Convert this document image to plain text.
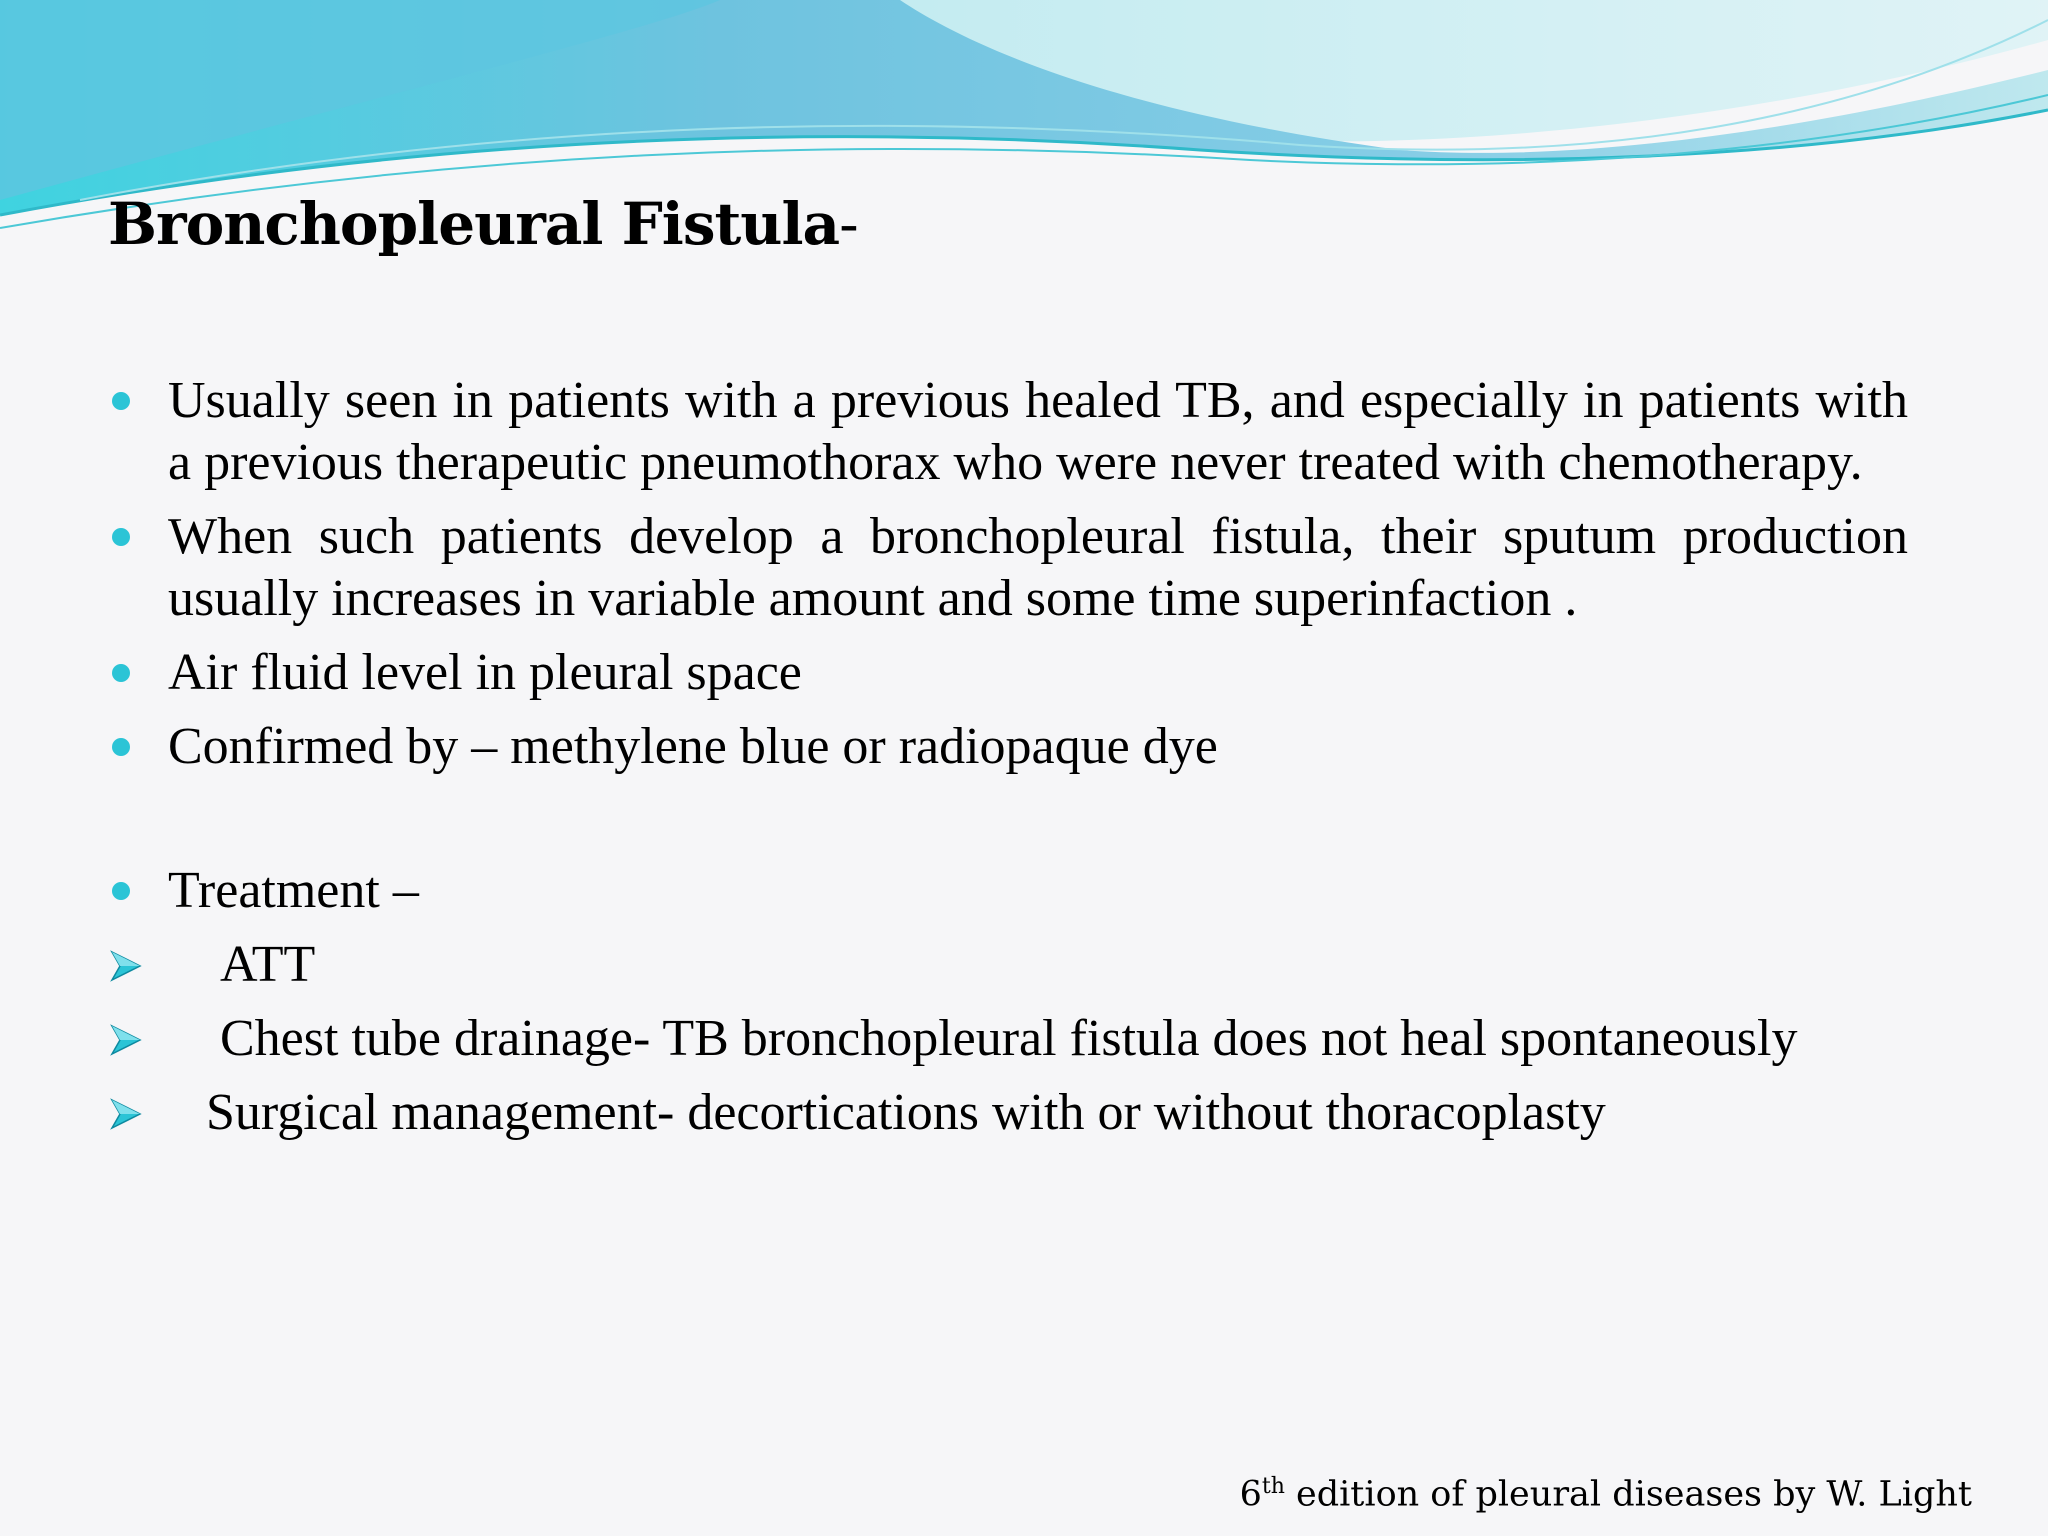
Bronchopleural Fistula-
Usually seen in patients with a previous healed TB, and especially in patients with a previous therapeutic pneumothorax who were never treated with chemotherapy.
When such patients develop a bronchopleural fistula, their sputum production usually increases in variable amount and some time superinfaction .
Air fluid level in pleural space
Confirmed by – methylene blue or radiopaque dye
Treatment –
ATT
Chest tube drainage- TB bronchopleural fistula does not heal spontaneously
Surgical management- decortications with or without thoracoplasty
6th edition of pleural diseases by W. Light
